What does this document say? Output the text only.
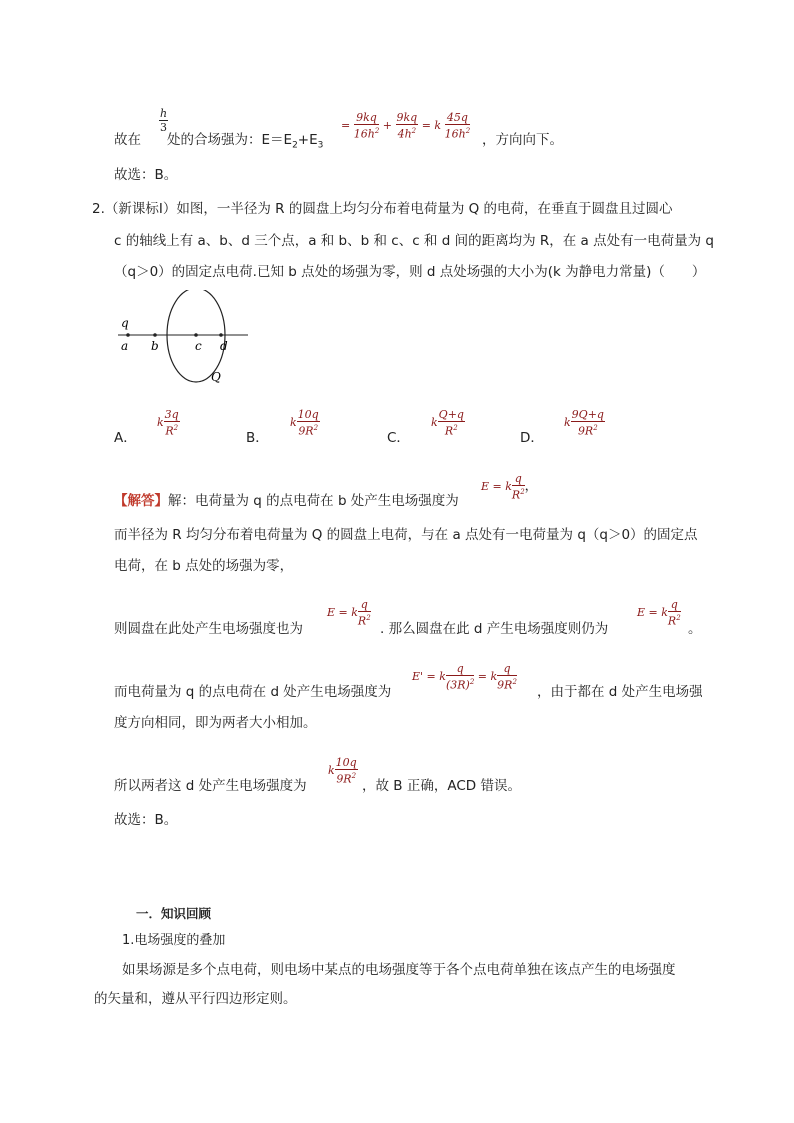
故在
$\frac{h}{3}$
处的合场强为：$E=E_2+E_3$
= $\frac{9kq}{16h^2} + \frac{9kq}{4h^2} = k \frac{45q}{16h^2}$
，方向向下。
故选：B。
2.（新课标Ⅰ）如图，一半径为 R 的圆盘上均匀分布着电荷量为 Q 的电荷，在垂直于圆盘且过圆心
c 的轴线上有 a、b、d 三个点，a 和 b、b 和 c、c 和 d 间的距离均为 R，在 a 点处有一电荷量为 q
（q＞0）的固定点电荷.已知 b 点处的场强为零，则 d 点处场强的大小为(k 为静电力常量)（　　）
q
a b	c d
Q
A．
k $\frac{3q}{R^2}$
B．
k $\frac{10q}{9R^2}$
C．
k $\frac{Q+q}{R^2}$
D．
k $\frac{9Q+q}{9R^2}$
【解答】解：电荷量为 q 的点电荷在 b 处产生电场强度为
E = k $\frac{q}{R^2}$ ，
而半径为 R 均匀分布着电荷量为 Q 的圆盘上电荷，与在 a 点处有一电荷量为 q（q＞0）的固定点
电荷，在 b 点处的场强为零，
则圆盘在此处产生电场强度也为
E = k $\frac{q}{R^2}$
. 那么圆盘在此 d 产生电场强度则仍为
E = k $\frac{q}{R^2}$
。
而电荷量为 q 的点电荷在 d 处产生电场强度为
E' = k $\frac{q}{(3R)^2} = k \frac{q}{9R^2}$
，由于都在 d 处产生电场强
度方向相同，即为两者大小相加。
所以两者这 d 处产生电场强度为
k $\frac{10q}{9R^2}$
，故 B 正确，ACD 错误。
故选：B。
一．知识回顾
1.电场强度的叠加
如果场源是多个点电荷，则电场中某点的电场强度等于各个点电荷单独在该点产生的电场强度
的矢量和，遵从平行四边形定则。
